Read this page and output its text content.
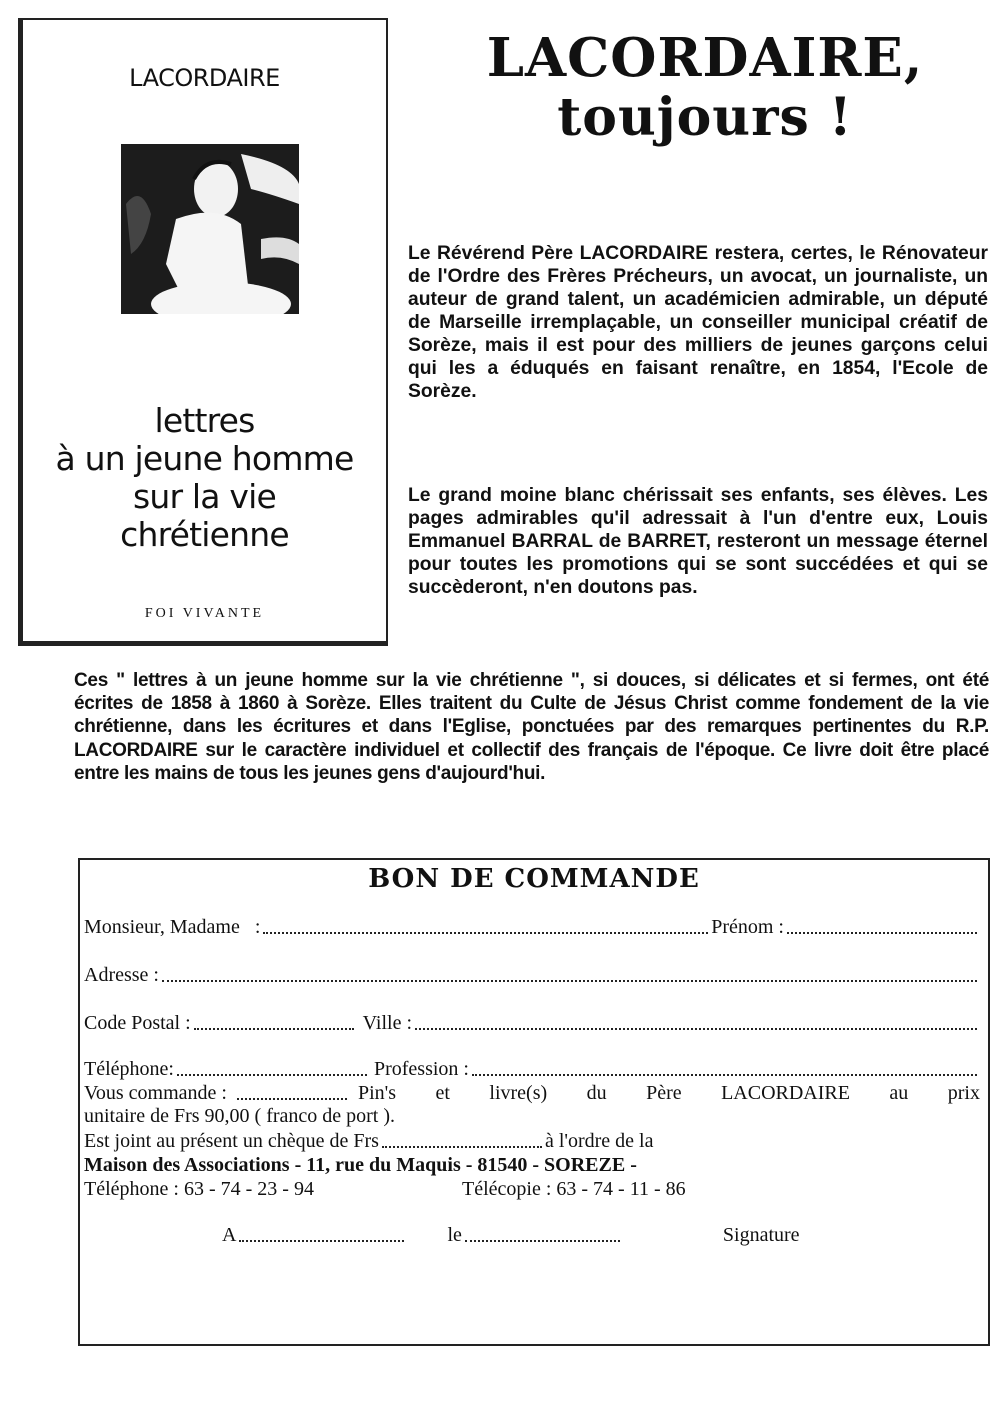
LACORDAIRE
lettres
à un jeune homme
sur la vie
chrétienne
FOI VIVANTE
LACORDAIRE,
toujours !
Le Révérend Père LACORDAIRE restera, certes, le Rénovateur de l'Ordre des Frères Précheurs, un avocat, un journaliste, un auteur de grand talent, un académicien admirable, un député de Marseille irremplaçable, un conseiller municipal créatif de Sorèze, mais il est pour des milliers de jeunes garçons celui qui les a éduqués en faisant renaître, en 1854, l'Ecole de Sorèze.
Le grand moine blanc chérissait ses enfants, ses élèves. Les pages admirables qu'il adressait à l'un d'entre eux, Louis Emmanuel BARRAL de BARRET, resteront un message éternel pour toutes les promotions qui se sont succédées et qui se succèderont, n'en doutons pas.
Ces " lettres à un jeune homme sur la vie chrétienne ", si douces, si délicates et si fermes, ont été écrites de 1858 à 1860 à Sorèze. Elles traitent du Culte de Jésus Christ comme fondement de la vie chrétienne, dans les écritures et dans l'Eglise, ponctuées par des remarques pertinentes du R.P. LACORDAIRE sur le caractère individuel et collectif des français de l'époque. Ce livre doit être placé entre les mains de tous les jeunes gens d'aujourd'hui.
BON DE COMMANDE
Monsieur, Madame   :	Prénom :
Adresse :
Code Postal :	Ville :
Téléphone:	Profession :
Vous commande :	Pin's et livre(s) du Père LACORDAIRE au prix
unitaire de Frs 90,00 ( franco de port ).
Est joint au présent un chèque de Frs	à l'ordre de la
Maison des Associations - 11, rue du Maquis - 81540 - SOREZE -
Téléphone : 63 - 74 - 23 - 94	Télécopie : 63 - 74 - 11 - 86
A	le	Signature
